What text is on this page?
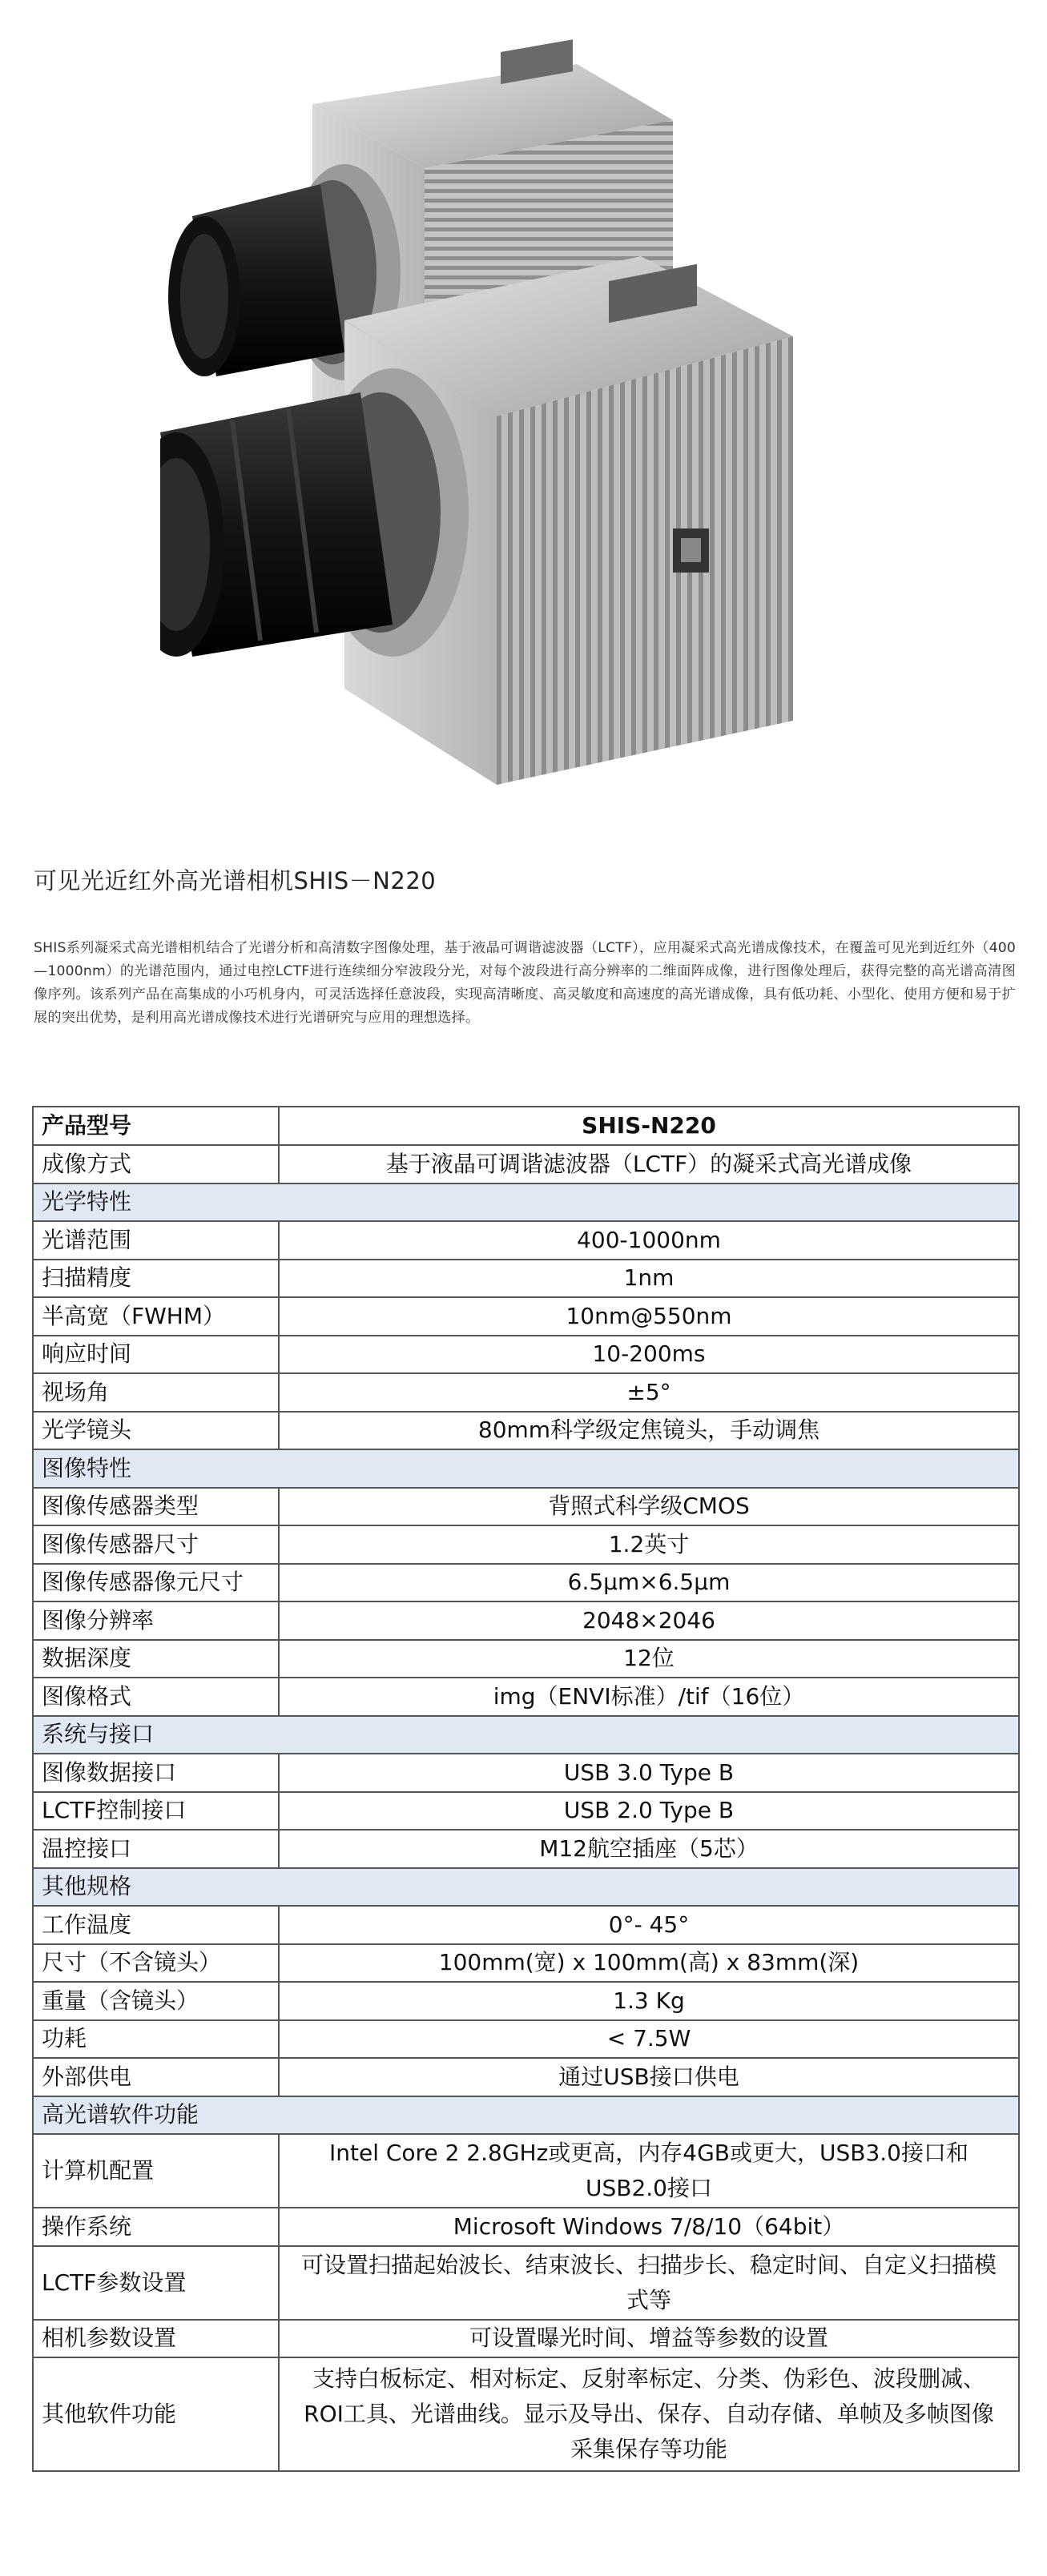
可见光近红外高光谱相机SHIS－N220

SHIS系列凝采式高光谱相机结合了光谱分析和高清数字图像处理，基于液晶可调谐滤波器（LCTF），应用凝采式高光谱成像技术，在覆盖可见光到近红外（400—1000nm）的光谱范围内，通过电控LCTF进行连续细分窄波段分光，对每个波段进行高分辨率的二维面阵成像，进行图像处理后，获得完整的高光谱高清图像序列。该系列产品在高集成的小巧机身内，可灵活选择任意波段，实现高清晰度、高灵敏度和高速度的高光谱成像，具有低功耗、小型化、使用方便和易于扩展的突出优势，是利用高光谱成像技术进行光谱研究与应用的理想选择。

产品型号	SHIS-N220
成像方式	基于液晶可调谐滤波器（LCTF）的凝采式高光谱成像
光学特性	
光谱范围	400-1000nm
扫描精度	1nm
半高宽（FWHM）	10nm@550nm
响应时间	10-200ms
视场角	±5°
光学镜头	80mm科学级定焦镜头，手动调焦
图像特性	
图像传感器类型	背照式科学级CMOS
图像传感器尺寸	1.2英寸
图像传感器像元尺寸	6.5μm×6.5μm
图像分辨率	2048×2046
数据深度	12位
图像格式	img（ENVI标准）/tif（16位）
系统与接口	
图像数据接口	USB 3.0 Type B
LCTF控制接口	USB 2.0 Type B
温控接口	M12航空插座（5芯）
其他规格	
工作温度	0°- 45°
尺寸（不含镜头）	100mm(宽) x 100mm(高) x 83mm(深)
重量（含镜头）	1.3 Kg
功耗	< 7.5W
外部供电	通过USB接口供电
高光谱软件功能	
计算机配置	Intel Core 2 2.8GHz或更高，内存4GB或更大，USB3.0接口和USB2.0接口
操作系统	Microsoft Windows 7/8/10（64bit）
LCTF参数设置	可设置扫描起始波长、结束波长、扫描步长、稳定时间、自定义扫描模式等
相机参数设置	可设置曝光时间、增益等参数的设置
其他软件功能	支持白板标定、相对标定、反射率标定、分类、伪彩色、波段删减、ROI工具、光谱曲线。显示及导出、保存、自动存储、单帧及多帧图像采集保存等功能
